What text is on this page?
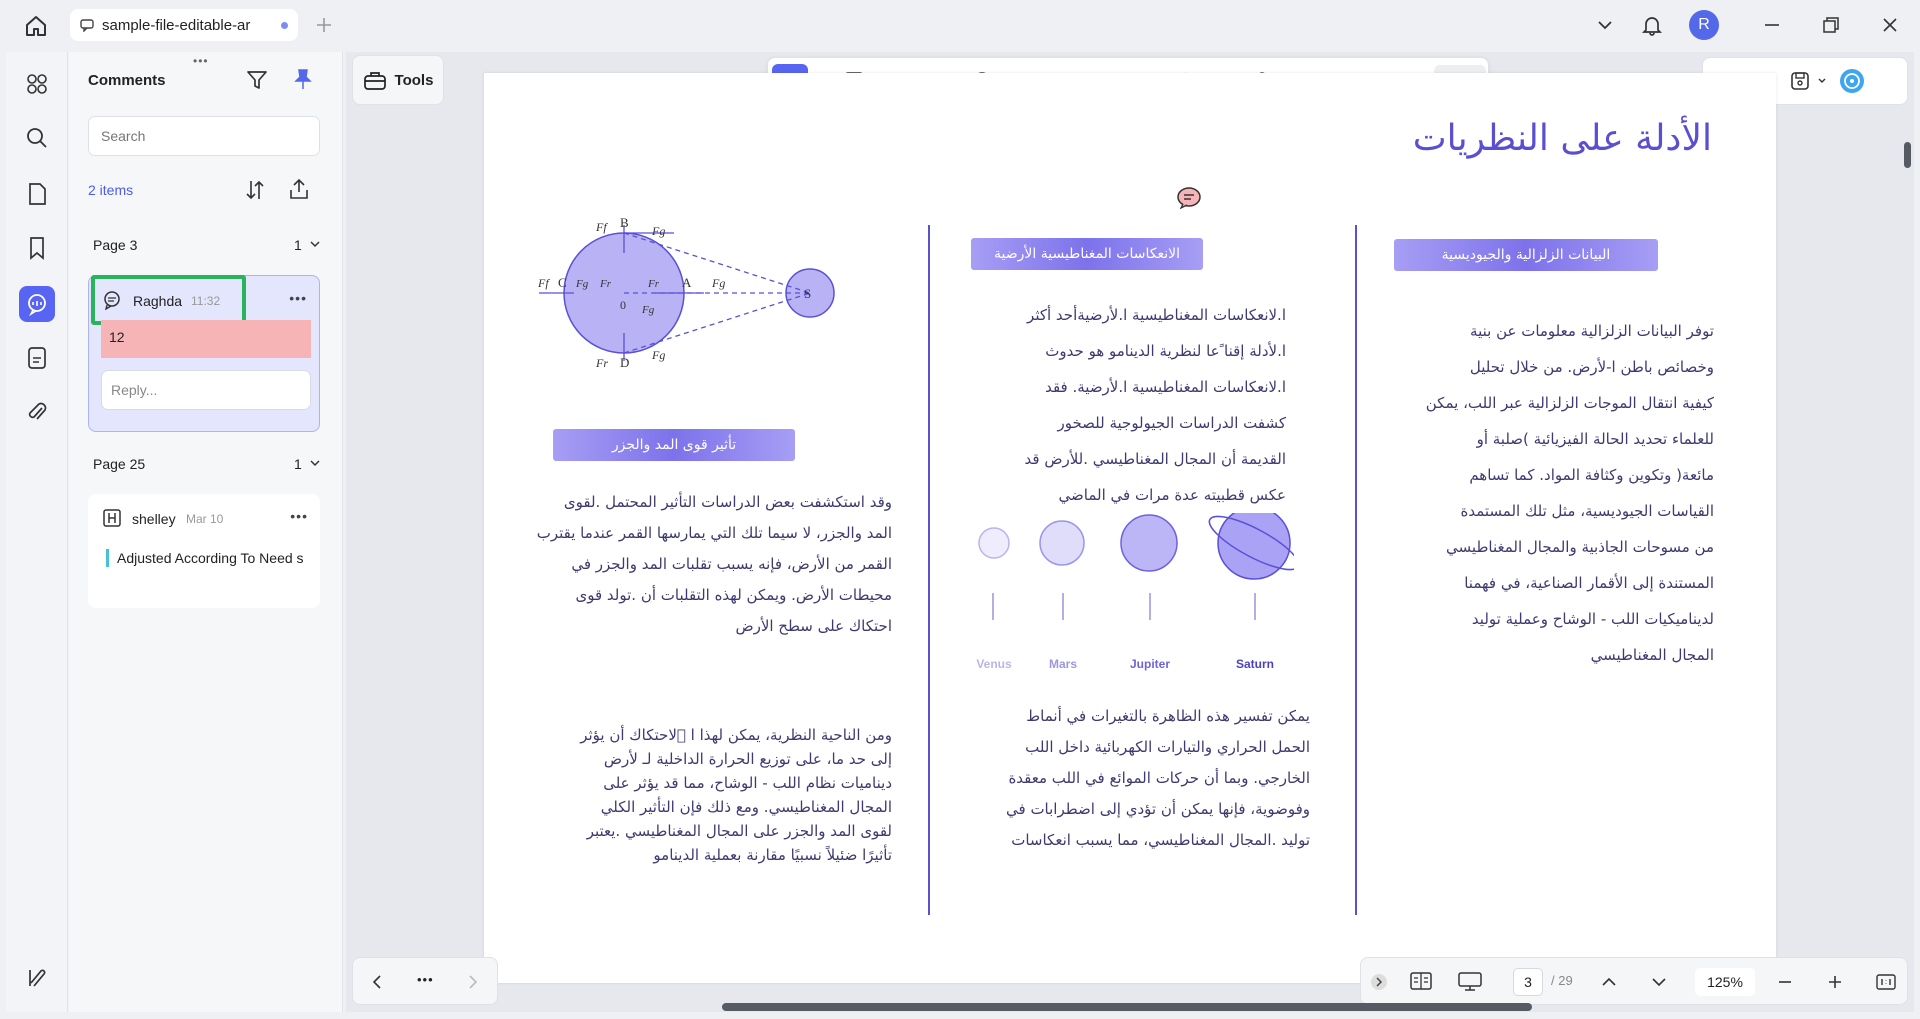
sample-file-editable-ar	R
•••
Comments
Search
2 items
Page 3	1
Raghda 11:32	•••
12
Reply...
Page 25	1
shelley Mar 10	•••
Adjusted According To Need s
Tools
الأدلة على النظريات
البيانات الزلزالية والجيوديسية
توفر البيانات الزلزالية معلومات عن بنية
وخصائص باطن ا-لأرض. من خلال تحليل
كيفية انتقال الموجات الزلزالية عبر اللب، يمكن
للعلماء تحديد الحالة الفيزيائية )صلبة أو
مائعة( وتكوين وكثافة المواد. كما تساهم
القياسات الجيوديسية، مثل تلك المستمدة
من مسوحات الجاذبية والمجال المغناطيسي
المستندة إلى الأقمار الصناعية، في فهمنا
لديناميكيات اللب - الوشاح وعملية توليد
المجال المغناطيسي
الانعكاسات المغناطيسية الأرضية
ا.لانعكاسات المغناطيسية ا.لأرضيةأحد أكثر
ا.لأدلة إقنا ًعا لنظرية الدينامو هو حدوث
ا.لانعكاسات المغناطيسية ا.لأرضية. فقد
كشفت الدراسات الجيولوجية للصخور
القديمة أن المجال المغناطيسي .للأرض قد
عكس قطبيته عدة مرات في الماضي
Venus	Mars	Jupiter	Saturn
يمكن تفسير هذه الظاهرة بالتغيرات في أنماط
الحمل الحراري والتيارات الكهربائية داخل اللب
الخارجي. وبما أن حركات الموائع في اللب معقدة
وفوضوية، فإنها يمكن أن تؤدي إلى اضطرابات في
توليد .المجال المغناطيسي، مما يسبب انعكاسات
Ff B
Fg
Ff C Fg Fr
0 Fg
Fr A Fg
S
Fr D Fg
تأثير قوى المد والجزر
وقد استكشفت بعض الدراسات التأثير المحتمل .لقوى
المد والجزر، لا سيما تلك التي يمارسها القمر عندما يقترب
القمر من الأرض، فإنه يسبب تقلبات المد والجزر في
محيطات الأرض. ويمكن لهذه التقلبات أن .تولد قوى
احتكاك على سطح الأرض
ومن الناحية النظرية، يمكن لهذا ا ￿لاحتكاك أن يؤثر
إلى حد ما، على توزيع الحرارة الداخلية لـ لأرض
ديناميات نظام اللب - الوشاح، مما قد يؤثر على
المجال المغناطيسي. ومع ذلك فإن التأثير الكلي
لقوى المد والجزر على المجال المغناطيسي .يعتبر
تأثيرًا ضئيلاً نسبيًا مقارنة بعملية الدينامو
•••	3	/ 29	125%
